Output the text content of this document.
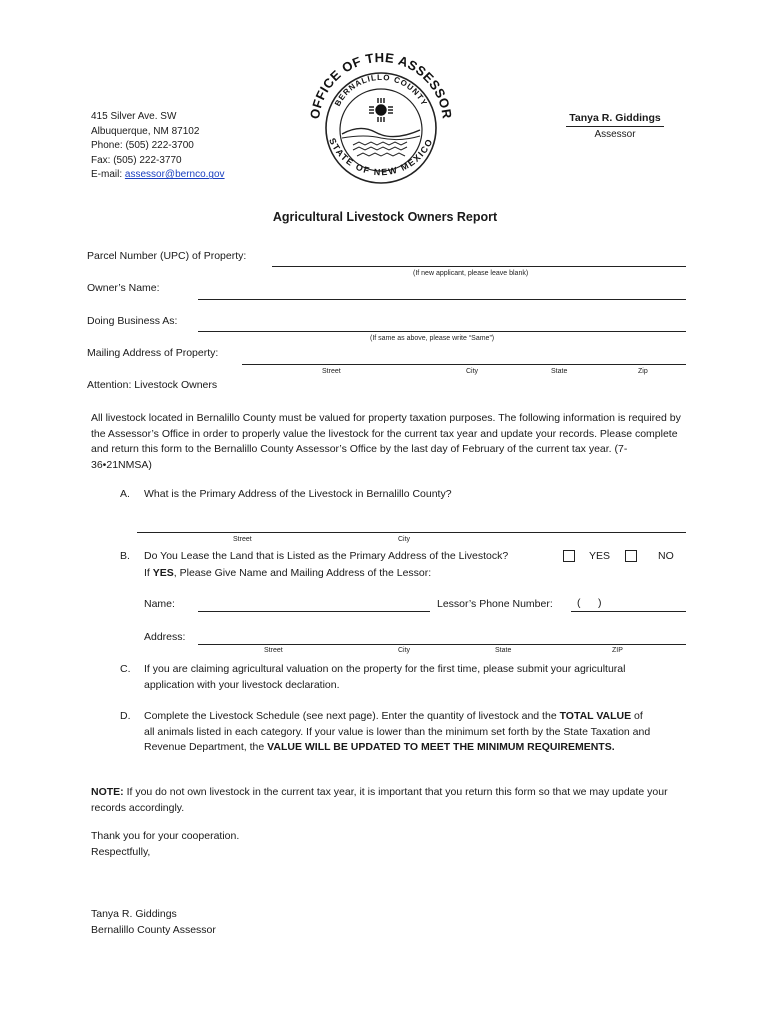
415 Silver Ave. SW
Albuquerque, NM 87102
Phone: (505) 222-3700
Fax: (505) 222-3770
E-mail: assessor@bernco.gov
OFFICE OF THE ASSESSOR
BERNALILLO COUNTY
STATE OF NEW MEXICO
Tanya R. Giddings
Assessor
Agricultural Livestock Owners Report
Parcel Number (UPC) of Property:
(If new applicant, please leave blank)
Owner’s Name:
Doing Business As:
(If same as above, please write “Same”)
Mailing Address of Property:
Street	City	State	Zip
Attention: Livestock Owners
All livestock located in Bernalillo County must be valued for property taxation purposes. The following information is required by the Assessor’s Office in order to properly value the livestock for the current tax year and update your records. Please complete and return this form to the Bernalillo County Assessor’s Office by the last day of February of the current tax year. (7-36•21NMSA)
A. What is the Primary Address of the Livestock in Bernalillo County?
Street	City
B. Do You Lease the Land that is Listed as the Primary Address of the Livestock?	YES	NO
If YES, Please Give Name and Mailing Address of the Lessor:
Name:	Lessor’s Phone Number: (      )
Address:
Street	City	State	ZIP
C. If you are claiming agricultural valuation on the property for the first time, please submit your agricultural application with your livestock declaration.
D. Complete the Livestock Schedule (see next page). Enter the quantity of livestock and the TOTAL VALUE of all animals listed in each category. If your value is lower than the minimum set forth by the State Taxation and Revenue Department, the VALUE WILL BE UPDATED TO MEET THE MINIMUM REQUIREMENTS.
NOTE: If you do not own livestock in the current tax year, it is important that you return this form so that we may update your records accordingly.
Thank you for your cooperation.
Respectfully,
Tanya R. Giddings
Bernalillo County Assessor
